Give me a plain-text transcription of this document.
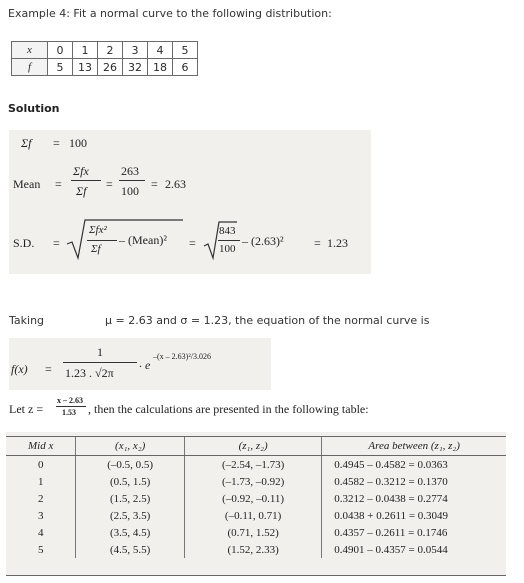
Example 4: Fit a normal curve to the following distribution:
x	0	1	2	3	4	5
f	5	13	26	32	18	6
Solution
Σf = 100
Mean =
Σfx
Σf =
263
100 = 2.63
S.D. =
Σfx²
Σf
– (Mean)² =
843
100
– (2.63)²	= 1.23
Taking	μ = 2.63 and σ = 1.23, the equation of the normal curve is
f(x) =
1
1.23 . √2π
. e
–(x – 2.63)²/3.026
Let z =
x – 2.63
1.53 , then the calculations are presented in the following table:
Mid x	(x₁, x₂)	(z₁, z₂)	Area between (z₁, z₂)
0	(–0.5, 0.5)	(–2.54, –1.73)	0.4945 – 0.4582 = 0.0363
1	(0.5, 1.5)	(–1.73, –0.92)	0.4582 – 0.3212 = 0.1370
2	(1.5, 2.5)	(–0.92, –0.11)	0.3212 – 0.0438 = 0.2774
3	(2.5, 3.5)	(–0.11, 0.71)	0.0438 + 0.2611 = 0.3049
4	(3.5, 4.5)	(0.71, 1.52)	0.4357 – 0.2611 = 0.1746
5	(4.5, 5.5)	(1.52, 2.33)	0.4901 – 0.4357 = 0.0544
